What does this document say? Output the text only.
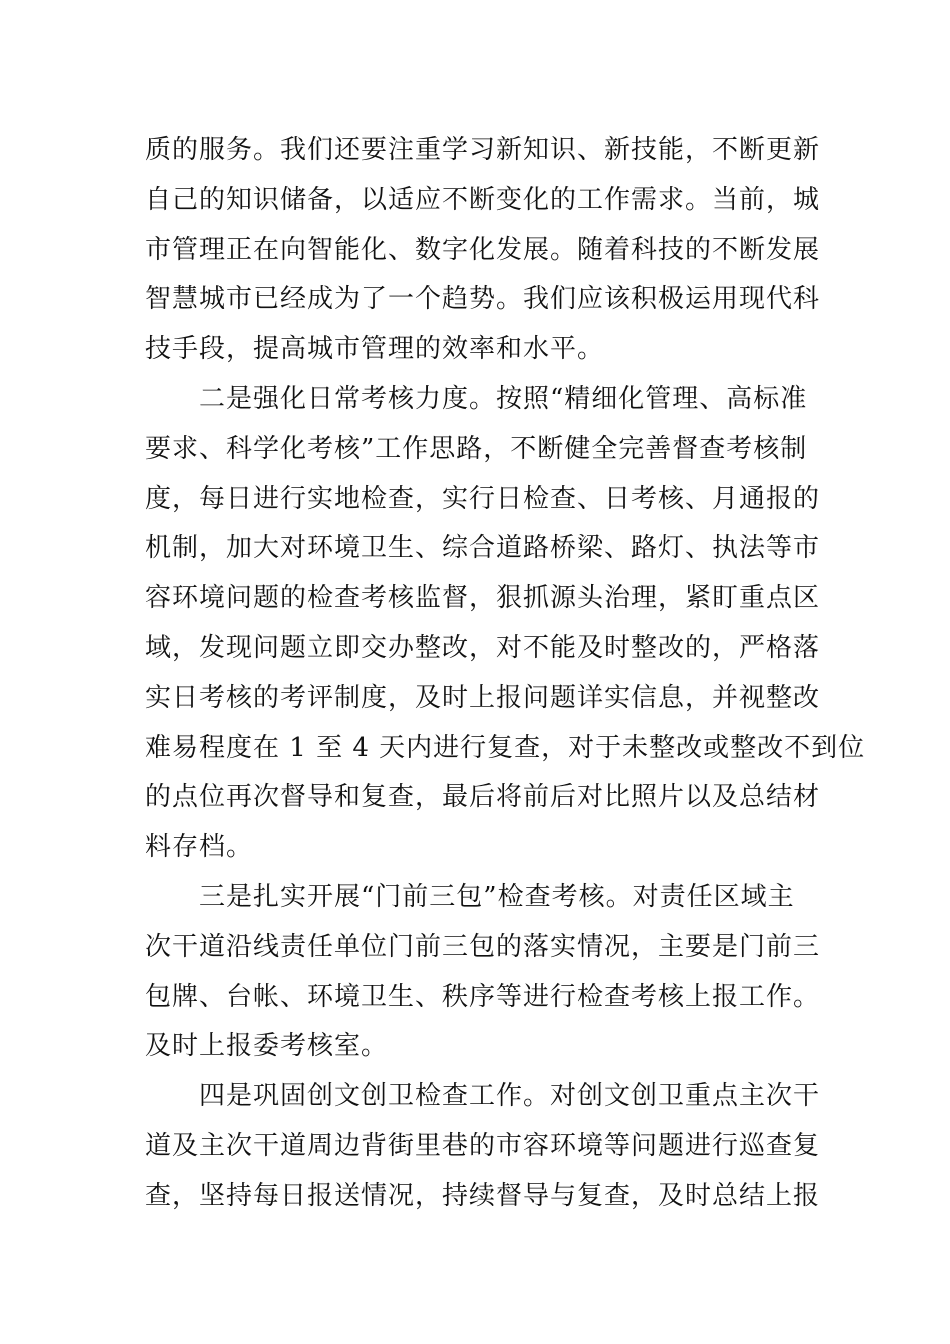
质的服务。我们还要注重学习新知识、新技能，不断更新
自己的知识储备，以适应不断变化的工作需求。当前，城
市管理正在向智能化、数字化发展。随着科技的不断发展
智慧城市已经成为了一个趋势。我们应该积极运用现代科
技手段，提高城市管理的效率和水平。
　　二是强化日常考核力度。按照“精细化管理、高标准
要求、科学化考核”工作思路，不断健全完善督查考核制
度，每日进行实地检查，实行日检查、日考核、月通报的
机制，加大对环境卫生、综合道路桥梁、路灯、执法等市
容环境问题的检查考核监督，狠抓源头治理，紧盯重点区
域，发现问题立即交办整改，对不能及时整改的，严格落
实日考核的考评制度，及时上报问题详实信息，并视整改
难易程度在 1 至 4 天内进行复查，对于未整改或整改不到位
的点位再次督导和复查，最后将前后对比照片以及总结材
料存档。
　　三是扎实开展“门前三包”检查考核。对责任区域主
次干道沿线责任单位门前三包的落实情况，主要是门前三
包牌、台帐、环境卫生、秩序等进行检查考核上报工作。
及时上报委考核室。
　　四是巩固创文创卫检查工作。对创文创卫重点主次干
道及主次干道周边背街里巷的市容环境等问题进行巡查复
查，坚持每日报送情况，持续督导与复查，及时总结上报
